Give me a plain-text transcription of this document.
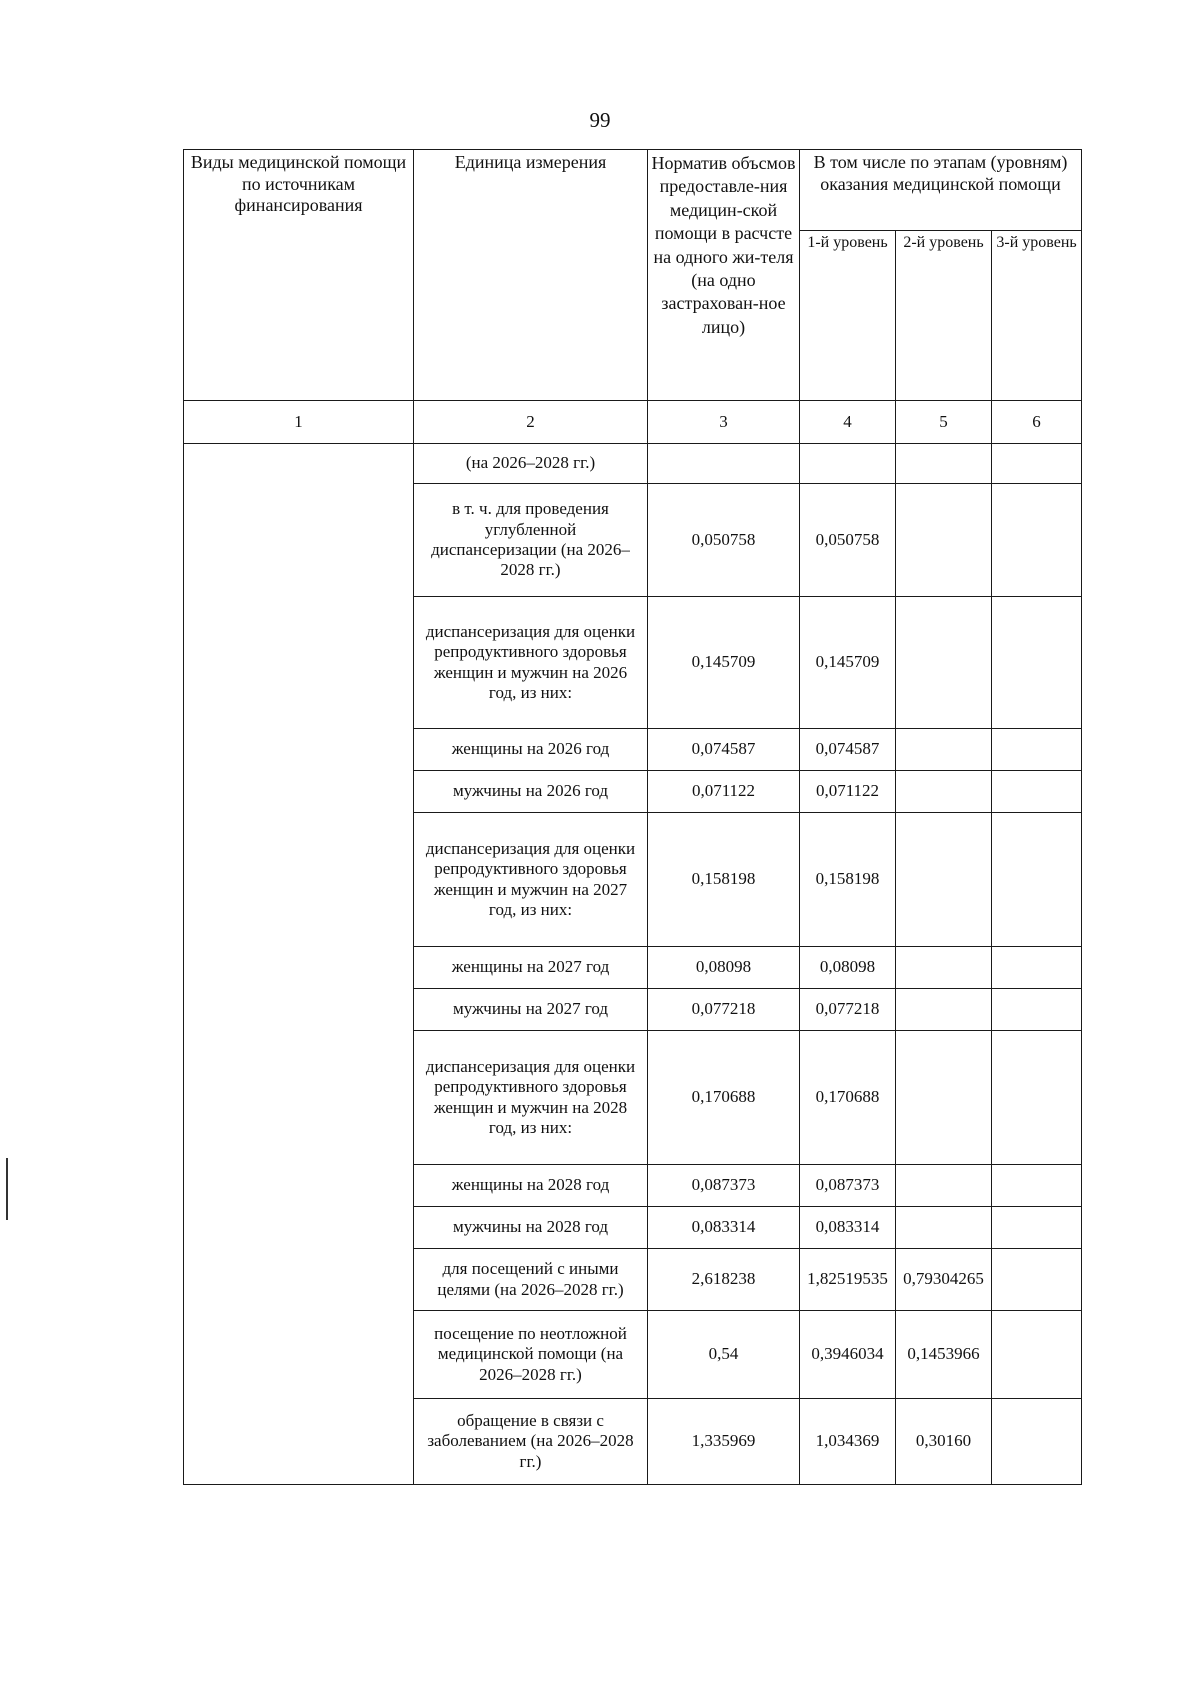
99
Виды медицинской помощи по источникам финансирования	Единица измерения	Норматив объсмов предоставле-ния медицин-ской помощи в расчсте на одного жи-теля (на одно застрахован-ное лицо)	В том числе по этапам (уровням) оказания медицинской помощи		
			1-й уровень	2-й уровень	3-й уровень
1	2	3	4	5	6
	(на 2026–2028 гг.)				
	в т. ч. для проведения углубленной диспансеризации (на 2026–2028 гг.)	0,050758	0,050758		
	диспансеризация для оценки репродуктивного здоровья женщин и мужчин на 2026 год, из них:	0,145709	0,145709		
	женщины на 2026 год	0,074587	0,074587		
	мужчины на 2026 год	0,071122	0,071122		
	диспансеризация для оценки репродуктивного здоровья женщин и мужчин на 2027 год, из них:	0,158198	0,158198		
	женщины на 2027 год	0,08098	0,08098		
	мужчины на 2027 год	0,077218	0,077218		
	диспансеризация для оценки репродуктивного здоровья женщин и мужчин на 2028 год, из них:	0,170688	0,170688		
	женщины на 2028 год	0,087373	0,087373		
	мужчины на 2028 год	0,083314	0,083314		
	для посещений с иными целями (на 2026–2028 гг.)	2,618238	1,82519535	0,79304265	
	посещение по неотложной медицинской помощи (на 2026–2028 гг.)	0,54	0,3946034	0,1453966	
	обращение в связи с заболеванием (на 2026–2028 гг.)	1,335969	1,034369	0,30160	
